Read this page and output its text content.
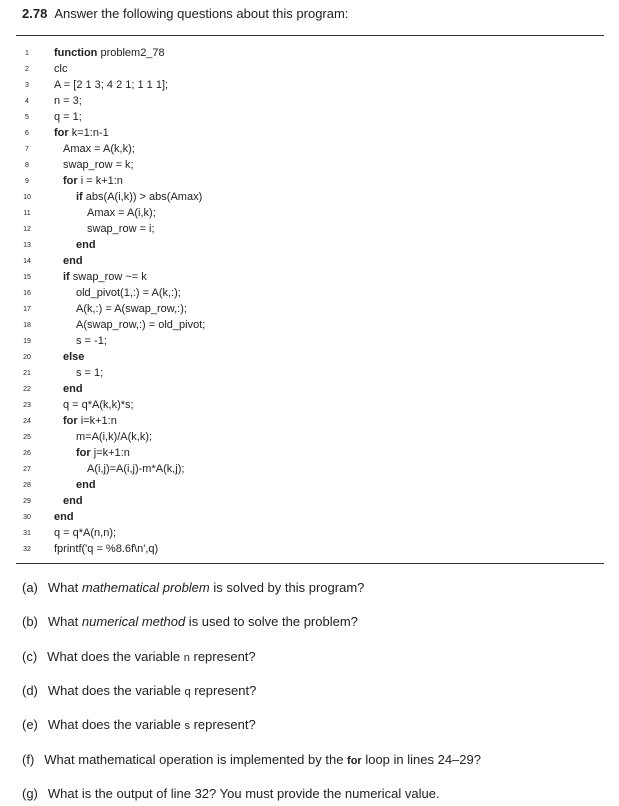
2.78 Answer the following questions about this program:
1	function problem2_78
2	clc
3	A = [2 1 3; 4 2 1; 1 1 1];
4	n = 3;
5	q = 1;
6	for k=1:n-1
7	Amax = A(k,k);
8	swap_row = k;
9	for i = k+1:n
10	if abs(A(i,k)) > abs(Amax)
11	Amax = A(i,k);
12	swap_row = i;
13	end
14	end
15	if swap_row ~= k
16	old_pivot(1,:) = A(k,:);
17	A(k,:) = A(swap_row,:);
18	A(swap_row,:) = old_pivot;
19	s = -1;
20	else
21	s = 1;
22	end
23	q = q*A(k,k)*s;
24	for i=k+1:n
25	m=A(i,k)/A(k,k);
26	for j=k+1:n
27	A(i,j)=A(i,j)-m*A(k,j);
28	end
29	end
30	end
31	q = q*A(n,n);
32	fprintf('q = %8.6f\n',q)
(a) What mathematical problem is solved by this program?
(b) What numerical method is used to solve the problem?
(c) What does the variable n represent?
(d) What does the variable q represent?
(e) What does the variable s represent?
(f) What mathematical operation is implemented by the for loop in lines 24–29?
(g) What is the output of line 32? You must provide the numerical value.
